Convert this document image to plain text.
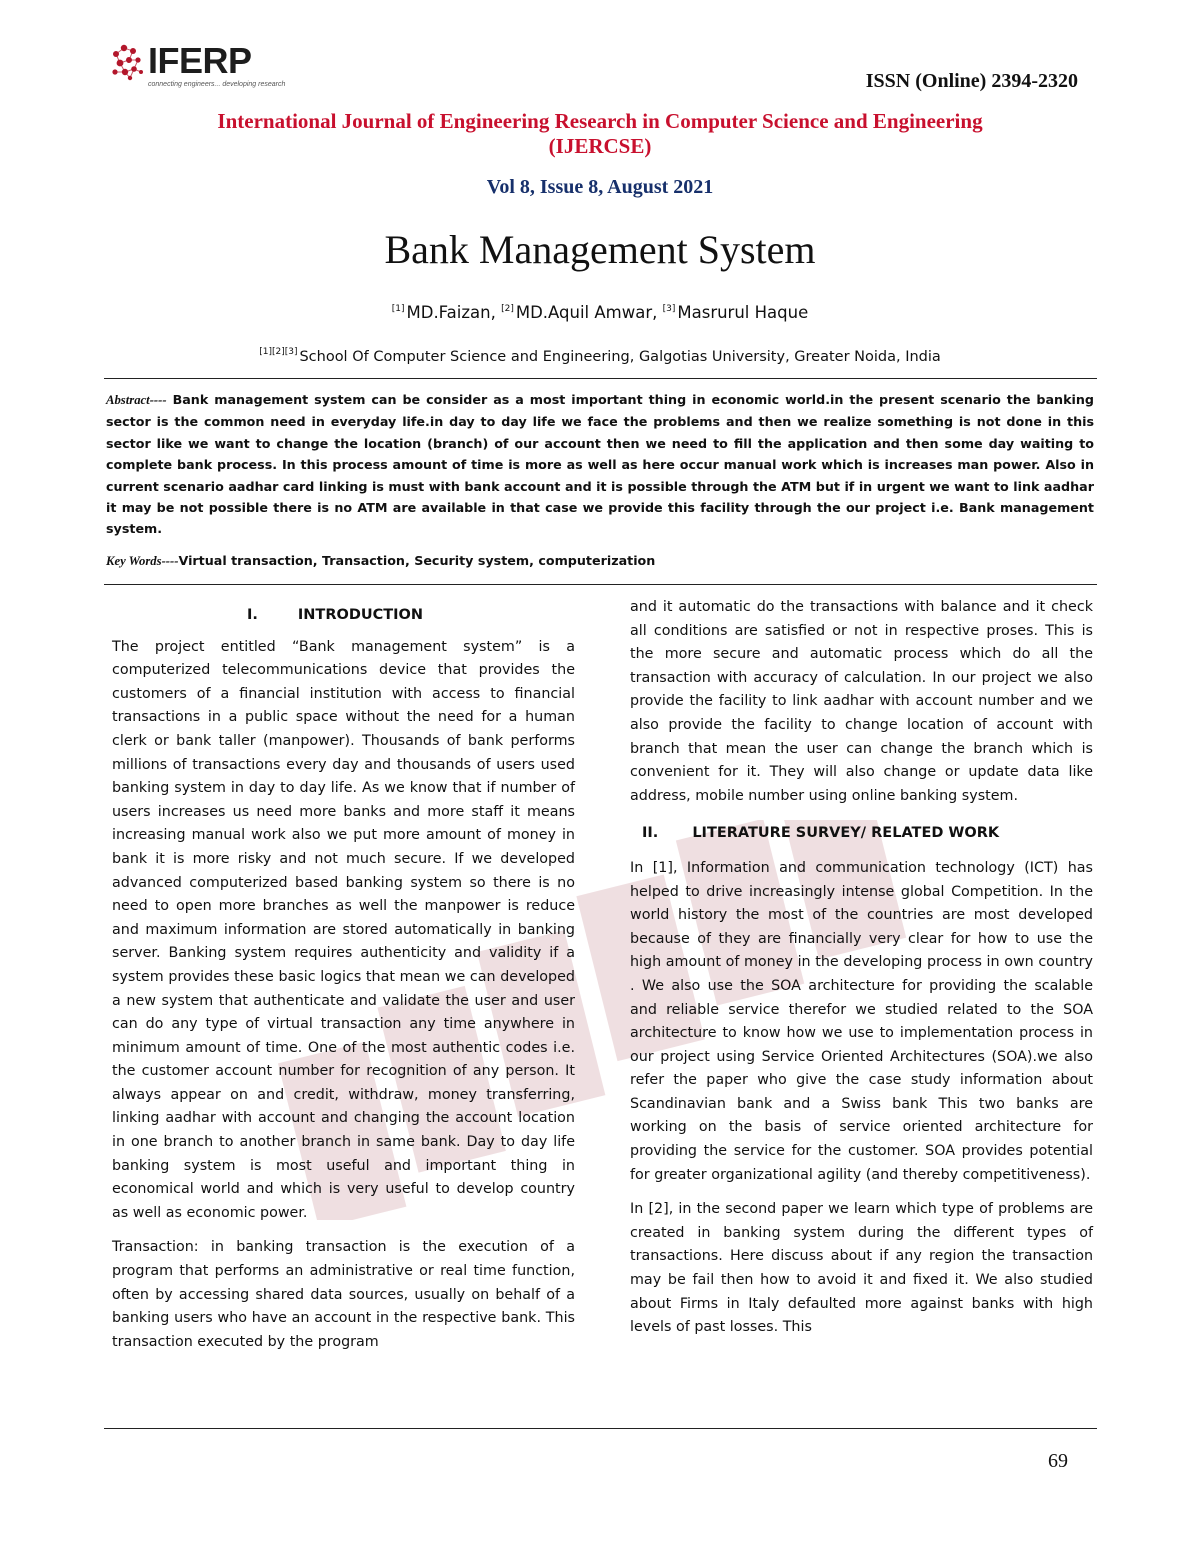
IFERP
connecting engineers... developing research	ISSN (Online) 2394-2320
International Journal of Engineering Research in Computer Science and Engineering
(IJERCSE)
Vol 8, Issue 8, August 2021
Bank Management System
[1] MD.Faizan, [2] MD.Aquil Amwar, [3] Masrurul Haque
[1][2][3] School Of Computer Science and Engineering, Galgotias University, Greater Noida, India
Abstract---- Bank management system can be consider as a most important thing in economic world.in the present scenario the banking sector is the common need in everyday life.in day to day life we face the problems and then we realize something is not done in this sector like we want to change the location (branch) of our account then we need to fill the application and then some day waiting to complete bank process. In this process amount of time is more as well as here occur manual work which is increases man power. Also in current scenario aadhar card linking is must with bank account and it is possible through the ATM but if in urgent we want to link aadhar it may be not possible there is no ATM are available in that case we provide this facility through the our project i.e. Bank management system.
Key Words----Virtual transaction, Transaction, Security system, computerization
I.	INTRODUCTION

The project entitled “Bank management system” is a computerized telecommunications device that provides the customers of a financial institution with access to financial transactions in a public space without the need for a human clerk or bank taller (manpower). Thousands of bank performs millions of transactions every day and thousands of users used banking system in day to day life. As we know that if number of users increases us need more banks and more staff it means increasing manual work also we put more amount of money in bank it is more risky and not much secure. If we developed advanced computerized based banking system so there is no need to open more branches as well the manpower is reduce and maximum information are stored automatically in banking server. Banking system requires authenticity and validity if a system provides these basic logics that mean we can developed a new system that authenticate and validate the user and user can do any type of virtual transaction any time anywhere in minimum amount of time. One of the most authentic codes i.e. the customer account number for recognition of any person. It always appear on and credit, withdraw, money transferring, linking aadhar with account and changing the account location in one branch to another branch in same bank. Day to day life banking system is most useful and important thing in economical world and which is very useful to develop country as well as economic power.

Transaction: in banking transaction is the execution of a program that performs an administrative or real time function, often by accessing shared data sources, usually on behalf of a banking users who have an account in the respective bank. This transaction executed by the program

and it automatic do the transactions with balance and it check all conditions are satisfied or not in respective proses. This is the more secure and automatic process which do all the transaction with accuracy of calculation. In our project we also provide the facility to link aadhar with account number and we also provide the facility to change location of account with branch that mean the user can change the branch which is convenient for it. They will also change or update data like address, mobile number using online banking system.

II. LITERATURE SURVEY/ RELATED WORK

In [1], Information and communication technology (ICT) has helped to drive increasingly intense global Competition. In the world history the most of the countries are most developed because of they are financially very clear for how to use the high amount of money in the developing process in own country . We also use the SOA architecture for providing the scalable and reliable service therefor we studied related to the SOA architecture to know how we use to implementation process in our project using Service Oriented Architectures (SOA).we also refer the paper who give the case study information about Scandinavian bank and a Swiss bank This two banks are working on the basis of service oriented architecture for providing the service for the customer. SOA provides potential for greater organizational agility (and thereby competitiveness).

In [2], in the second paper we learn which type of problems are created in banking system during the different types of transactions. Here discuss about if any region the transaction may be fail then how to avoid it and fixed it. We also studied about Firms in Italy defaulted more against banks with high levels of past losses. This

69
